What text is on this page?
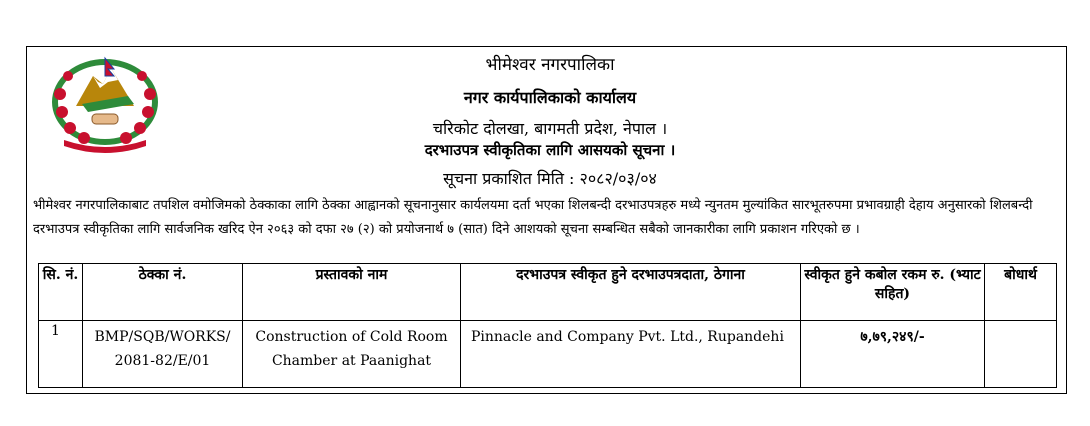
भीमेश्वर नगरपालिका
नगर कार्यपालिकाको कार्यालय
चरिकोट दोलखा, बागमती प्रदेश, नेपाल ।
दरभाउपत्र स्वीकृतिका लागि आसयको सूचना ।
सूचना प्रकाशित मिति : २०८२/०३/०४
भीमेश्वर नगरपालिकाबाट तपशिल वमोजिमको ठेक्काका लागि ठेक्का आह्वानको सूचनानुसार कार्यलयमा दर्ता भएका शिलबन्दी दरभाउपत्रहरु मध्ये न्युनतम मुल्यांकित सारभूतरुपमा प्रभावग्राही देहाय अनुसारको शिलबन्दी दरभाउपत्र स्वीकृतिका लागि सार्वजनिक खरिद ऐन २०६३ को दफा २७ (२) को प्रयोजनार्थ ७ (सात) दिने आशयको सूचना सम्बन्धित सबैको जानकारीका लागि प्रकाशन गरिएको छ ।
सि. नं.	ठेक्का नं.	प्रस्तावको नाम	दरभाउपत्र स्वीकृत हुने दरभाउपत्रदाता, ठेगाना	स्वीकृत हुने कबोल रकम रु. (भ्याट सहित)	बोधार्थ
1	BMP/SQB/WORKS/ 2081-82/E/01	Construction of Cold Room Chamber at Paanighat	Pinnacle and Company Pvt. Ltd., Rupandehi	७,७९,२४९/-	
